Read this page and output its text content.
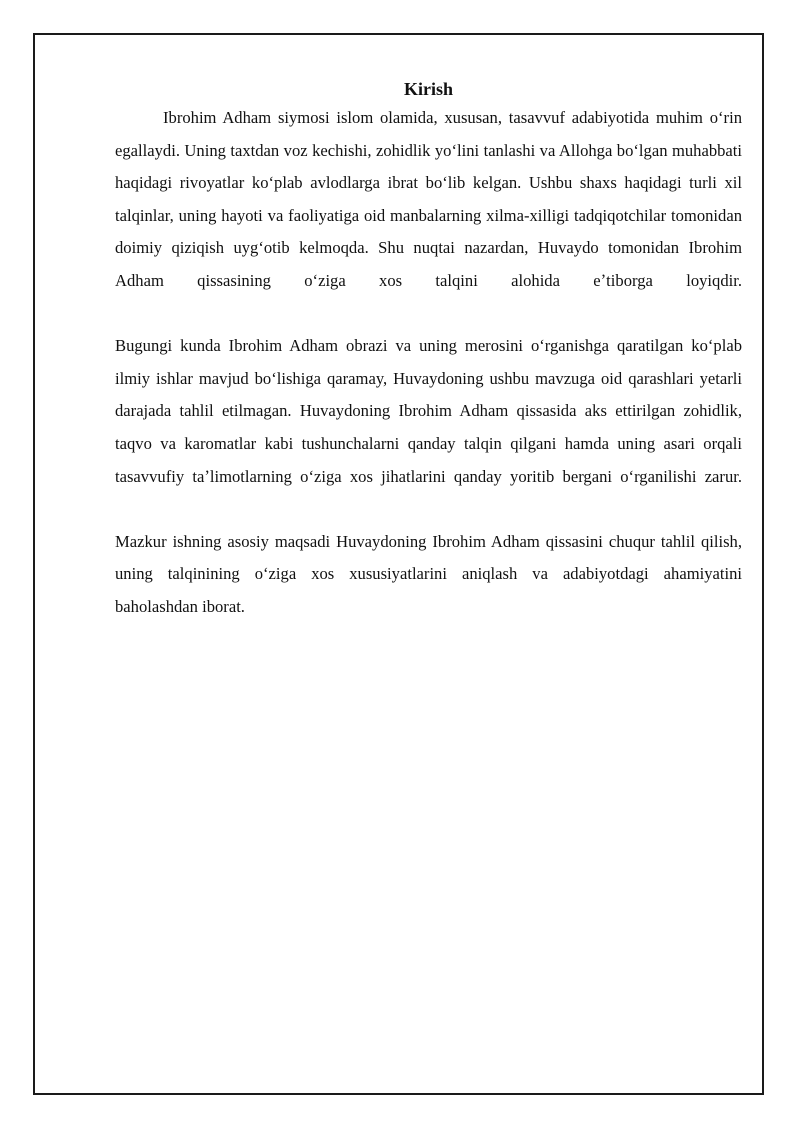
Kirish

Ibrohim Adham siymosi islom olamida, xususan, tasavvuf adabiyotida muhim oʻrin egallaydi. Uning taxtdan voz kechishi, zohidlik yoʻlini tanlashi va Allohga boʻlgan muhabbati haqidagi rivoyatlar koʻplab avlodlarga ibrat boʻlib kelgan. Ushbu shaxs haqidagi turli xil talqinlar, uning hayoti va faoliyatiga oid manbalarning xilma-xilligi tadqiqotchilar tomonidan doimiy qiziqish uygʻotib kelmoqda. Shu nuqtai nazardan, Huvaydo tomonidan Ibrohim Adham qissasining oʻziga xos talqini alohida eʼtiborga loyiqdir.

Bugungi kunda Ibrohim Adham obrazi va uning merosini oʻrganishga qaratilgan koʻplab ilmiy ishlar mavjud boʻlishiga qaramay, Huvaydoning ushbu mavzuga oid qarashlari yetarli darajada tahlil etilmagan. Huvaydoning Ibrohim Adham qissasida aks ettirilgan zohidlik, taqvo va karomatlar kabi tushunchalarni qanday talqin qilgani hamda uning asari orqali tasavvufiy taʼlimotlarning oʻziga xos jihatlarini qanday yoritib bergani oʻrganilishi zarur.

Mazkur ishning asosiy maqsadi Huvaydoning Ibrohim Adham qissasini chuqur tahlil qilish, uning talqinining oʻziga xos xususiyatlarini aniqlash va adabiyotdagi ahamiyatini baholashdan iborat.
